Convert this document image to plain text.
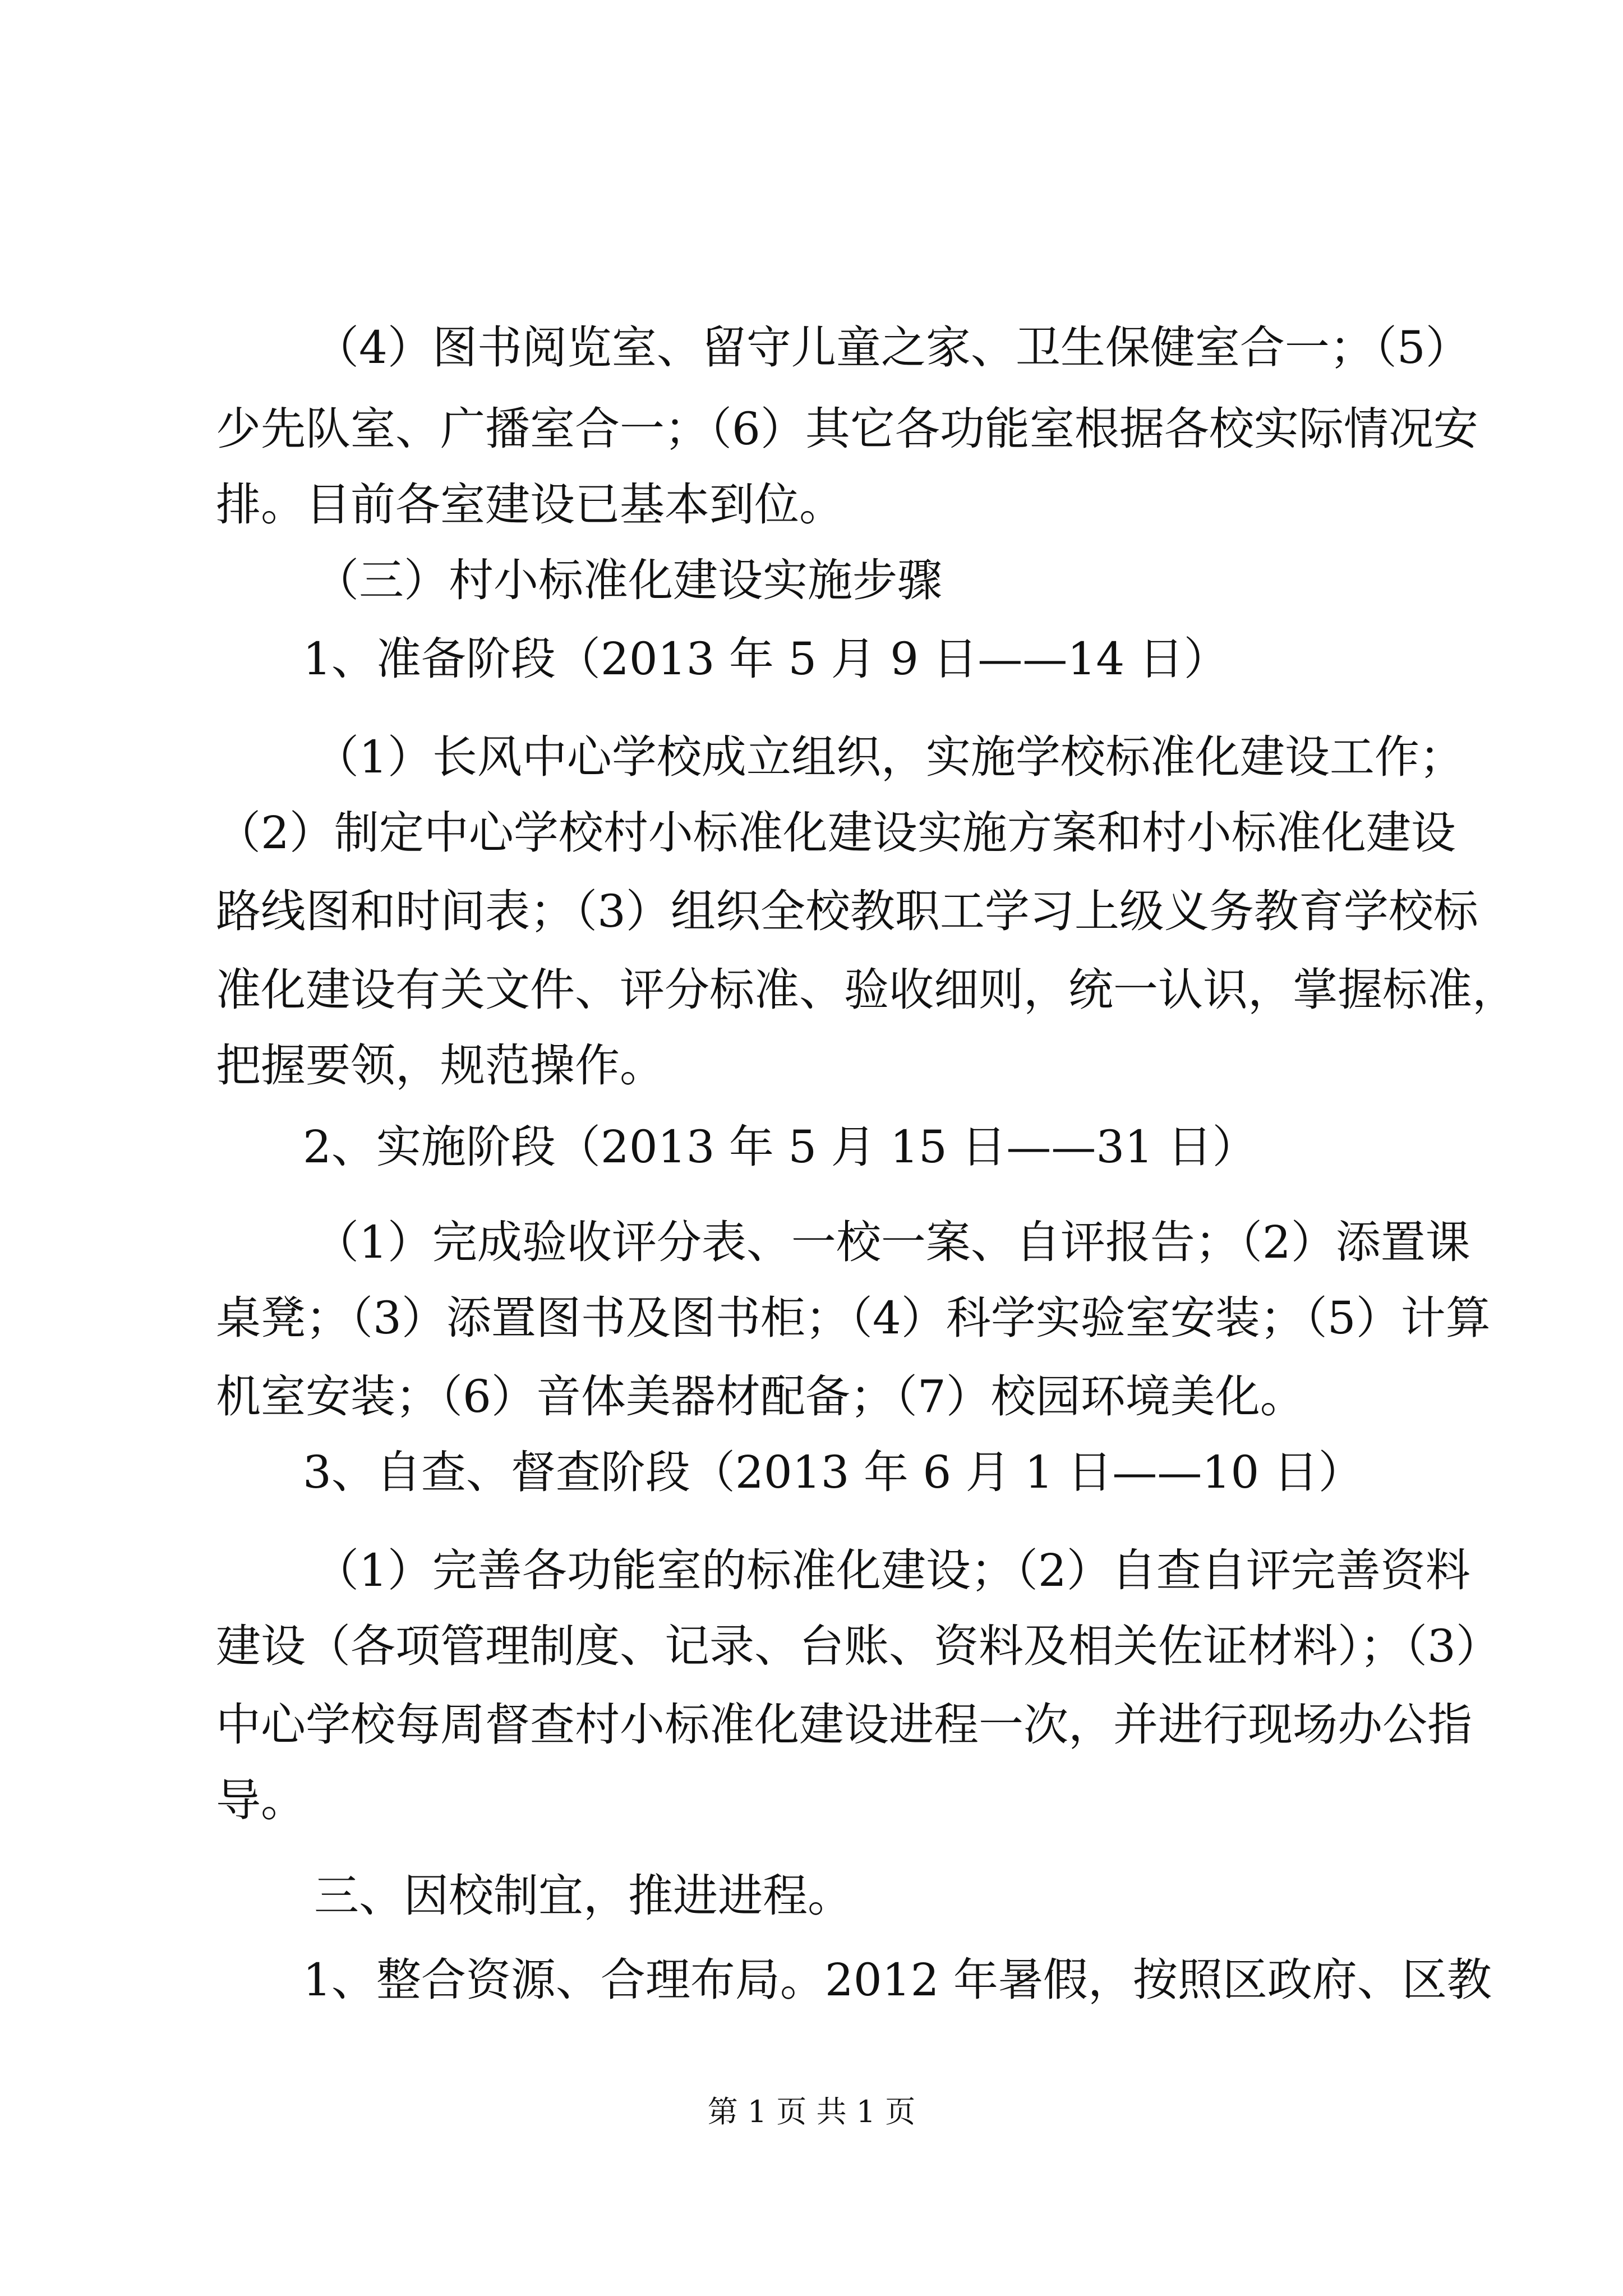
（4）图书阅览室、留守儿童之家、卫生保健室合一；（5）
少先队室、广播室合一；（6）其它各功能室根据各校实际情况安
排。目前各室建设已基本到位。
（三）村小标准化建设实施步骤
1、准备阶段（2013 年 5 月 9 日——14 日）
（1）长风中心学校成立组织，实施学校标准化建设工作；
（2）制定中心学校村小标准化建设实施方案和村小标准化建设
路线图和时间表；（3）组织全校教职工学习上级义务教育学校标
准化建设有关文件、评分标准、验收细则，统一认识，掌握标准，
把握要领，规范操作。
2、实施阶段（2013 年 5 月 15 日——31 日）
（1）完成验收评分表、一校一案、自评报告；（2）添置课
桌凳；（3）添置图书及图书柜；（4）科学实验室安装；（5）计算
机室安装；（6）音体美器材配备；（7）校园环境美化。
3、自查、督查阶段（2013 年 6 月 1 日——10 日）
（1）完善各功能室的标准化建设；（2）自查自评完善资料
建设（各项管理制度、记录、台账、资料及相关佐证材料）；（3）
中心学校每周督查村小标准化建设进程一次，并进行现场办公指
导。
三、因校制宜，推进进程。
1、整合资源、合理布局。2012 年暑假，按照区政府、区教
第 1 页 共 1 页
